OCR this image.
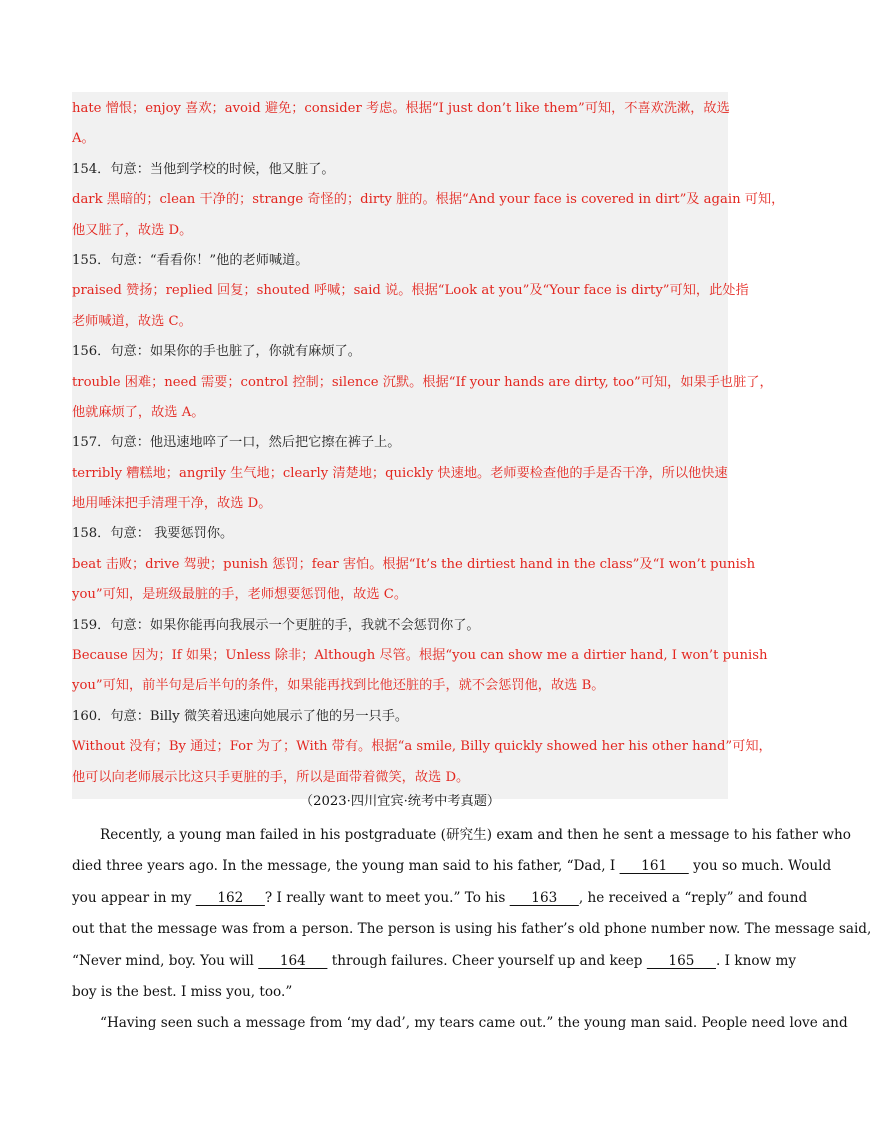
hate 憎恨；enjoy 喜欢；avoid 避免；consider 考虑。根据“I just don’t like them”可知，不喜欢洗漱，故选
A。
154．句意：当他到学校的时候，他又脏了。
dark 黑暗的；clean 干净的；strange 奇怪的；dirty 脏的。根据“And your face is covered in dirt”及 again 可知，
他又脏了，故选 D。
155．句意：“看看你！”他的老师喊道。
praised 赞扬；replied 回复；shouted 呼喊；said 说。根据“Look at you”及“Your face is dirty”可知，此处指
老师喊道，故选 C。
156．句意：如果你的手也脏了，你就有麻烦了。
trouble 困难；need 需要；control 控制；silence 沉默。根据“If your hands are dirty, too”可知，如果手也脏了，
他就麻烦了，故选 A。
157．句意：他迅速地啐了一口，然后把它擦在裤子上。
terribly 糟糕地；angrily 生气地；clearly 清楚地；quickly 快速地。老师要检查他的手是否干净，所以他快速
地用唾沫把手清理干净，故选 D。
158．句意： 我要惩罚你。
beat 击败；drive 驾驶；punish 惩罚；fear 害怕。根据“It’s the dirtiest hand in the class”及“I won’t punish
you”可知，是班级最脏的手，老师想要惩罚他，故选 C。
159．句意：如果你能再向我展示一个更脏的手，我就不会惩罚你了。
Because 因为；If 如果；Unless 除非；Although 尽管。根据“you can show me a dirtier hand, I won’t punish
you”可知，前半句是后半句的条件，如果能再找到比他还脏的手，就不会惩罚他，故选 B。
160．句意：Billy 微笑着迅速向她展示了他的另一只手。
Without 没有；By 通过；For 为了；With 带有。根据“a smile, Billy quickly showed her his other hand”可知，
他可以向老师展示比这只手更脏的手，所以是面带着微笑，故选 D。
（2023·四川宜宾·统考中考真题）
Recently, a young man failed in his postgraduate (研究生) exam and then he sent a message to his father who
died three years ago. In the message, the young man said to his father, “Dad, I      161      you so much. Would
you appear in my      162     ? I really want to meet you.” To his      163     , he received a “reply” and found
out that the message was from a person. The person is using his father’s old phone number now. The message said,
“Never mind, boy. You will      164      through failures. Cheer yourself up and keep      165     . I know my
boy is the best. I miss you, too.”
“Having seen such a message from ‘my dad’, my tears came out.” the young man said. People need love and
